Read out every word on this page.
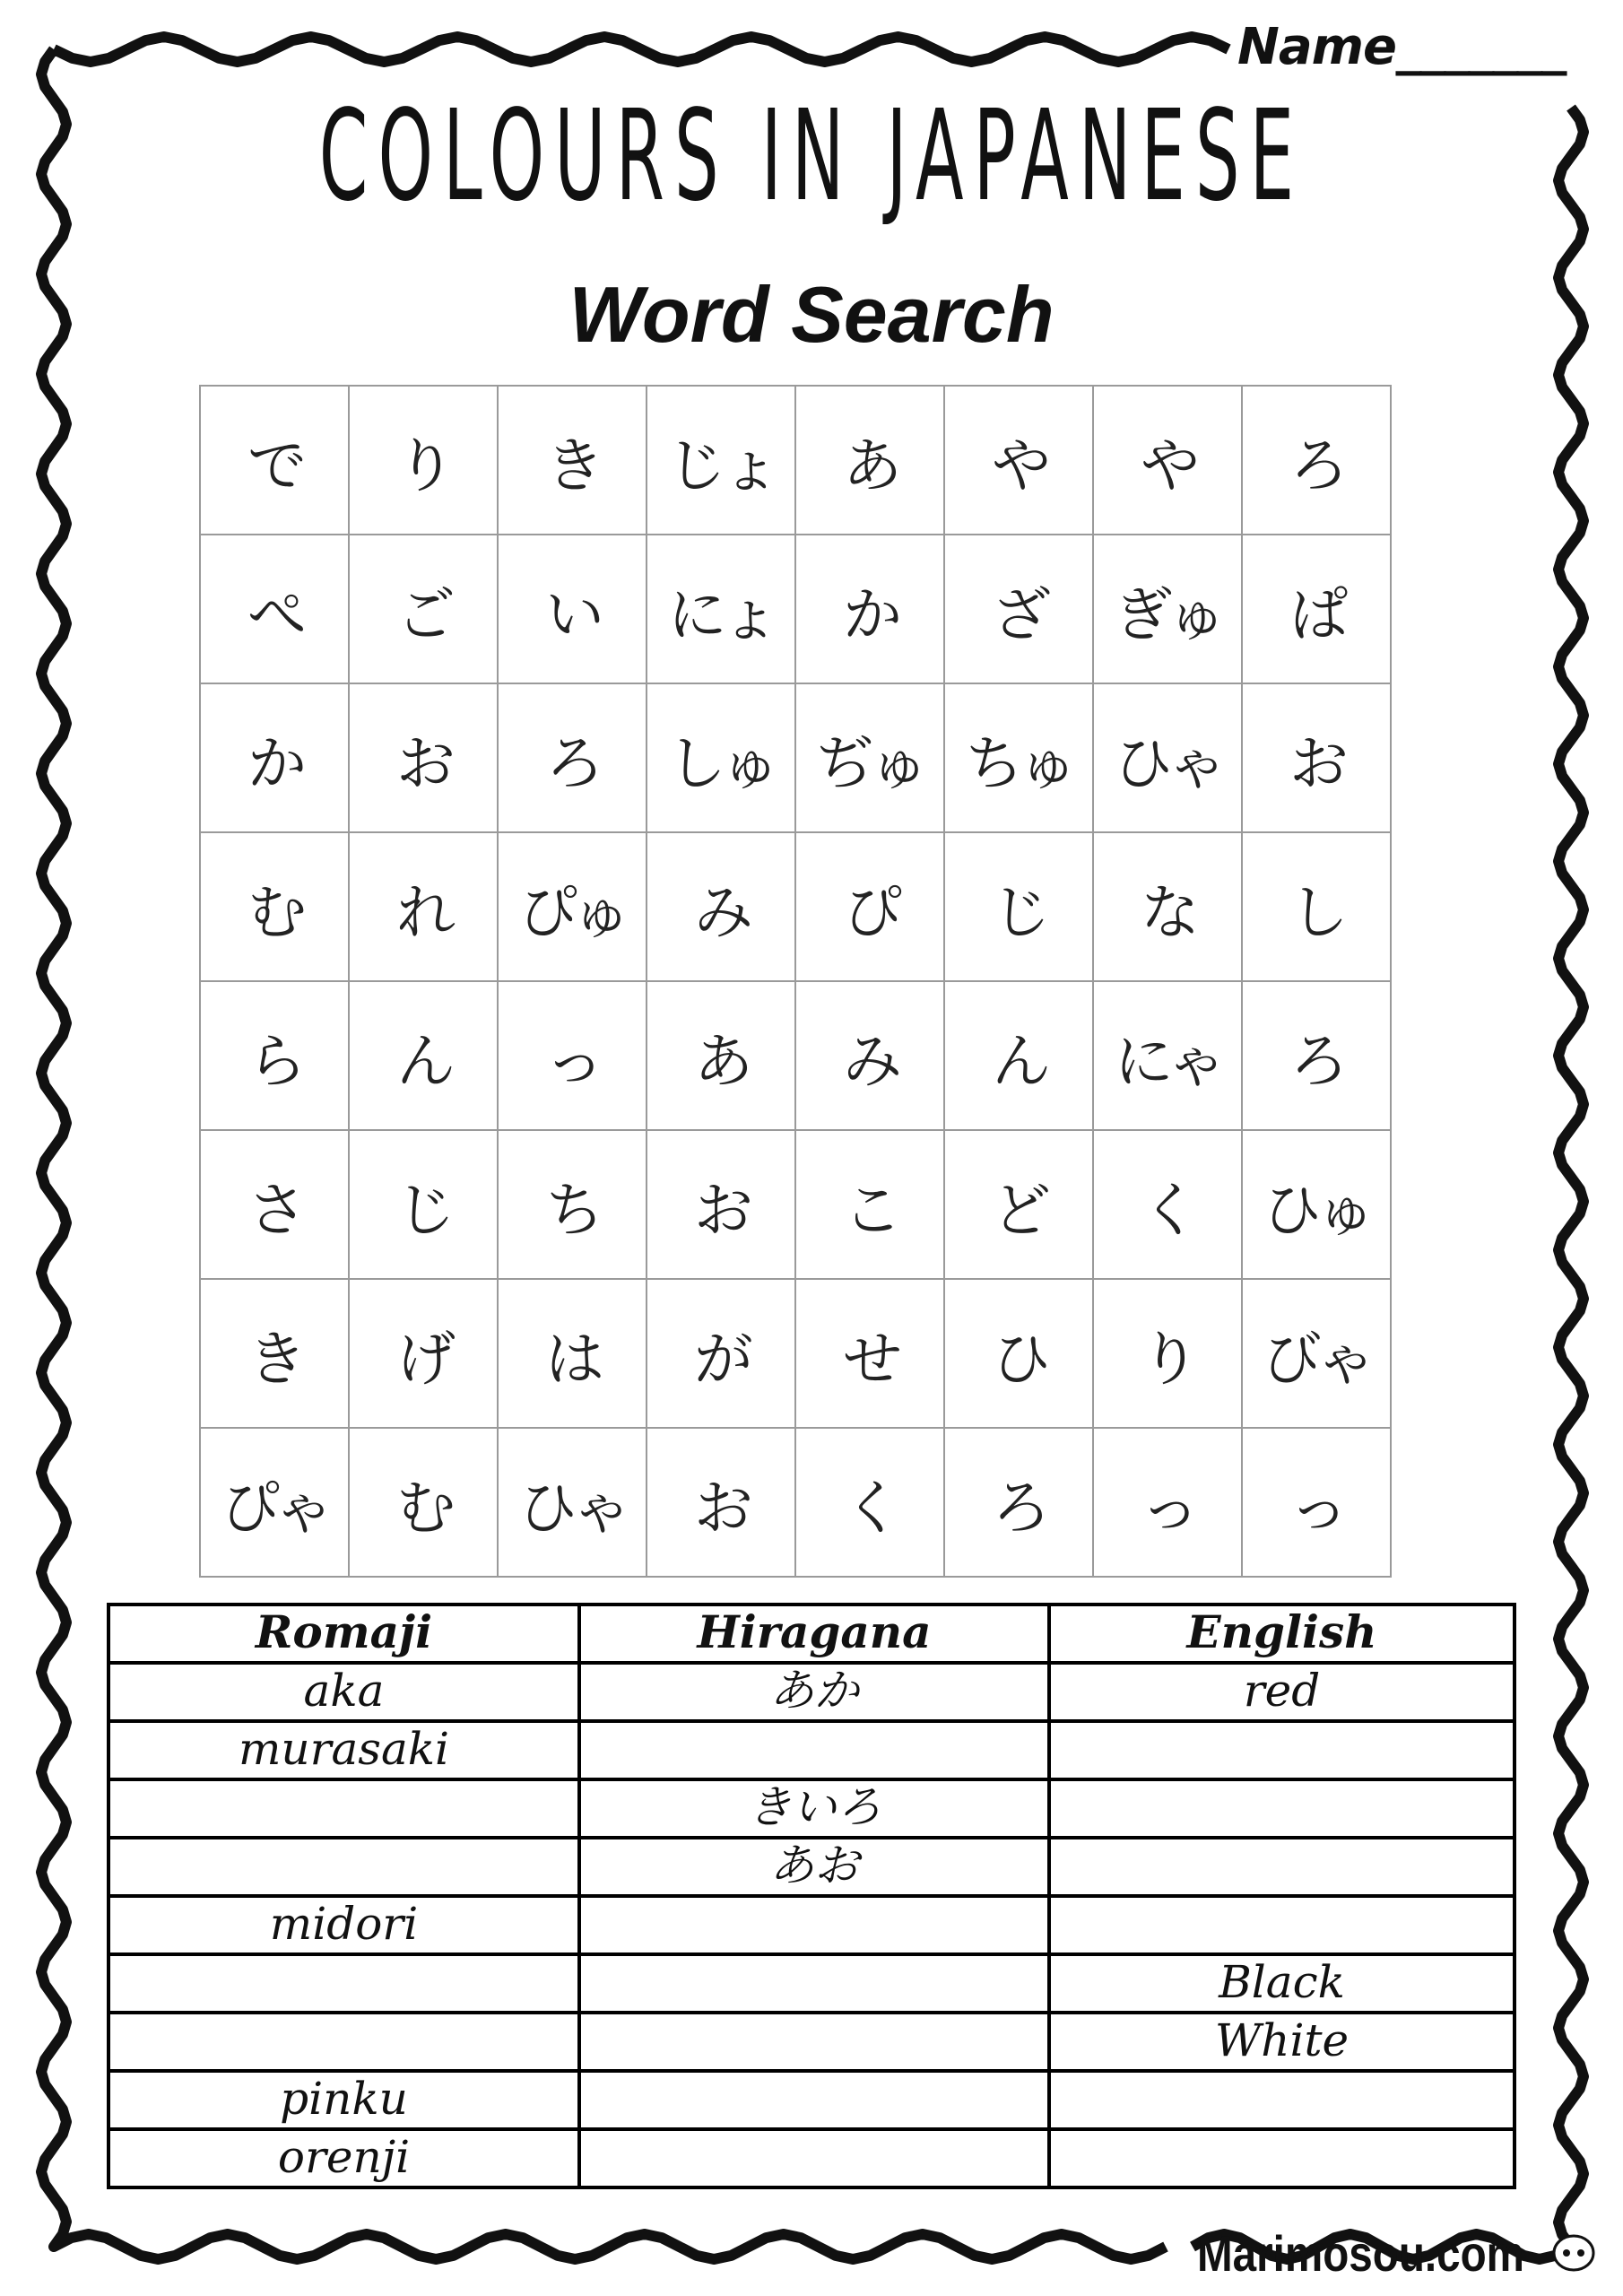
Name_______
COLOURS IN JAPANESE
Word Search
で	り	き	じょ	あ	や	や	ろ
ぺ	ご	い	にょ	か	ざ	ぎゅ	ぱ
か	お	ろ	しゅ	ぢゅ	ちゅ	ひゃ	お
む	れ	ぴゅ	み	ぴ	じ	な	し
ら	ん	っ	あ	み	ん	にゃ	ろ
さ	じ	ち	お	こ	ど	く	ひゅ
き	げ	は	が	せ	ひ	り	びゃ
ぴゃ	む	ひゃ	お	く	ろ	っ	っ
Romaji	Hiragana	English
aka	あか	red
murasaki		
	きいろ	
	あお	
midori		
		Black
		White
pinku		
orenji		
Marimosou.com
